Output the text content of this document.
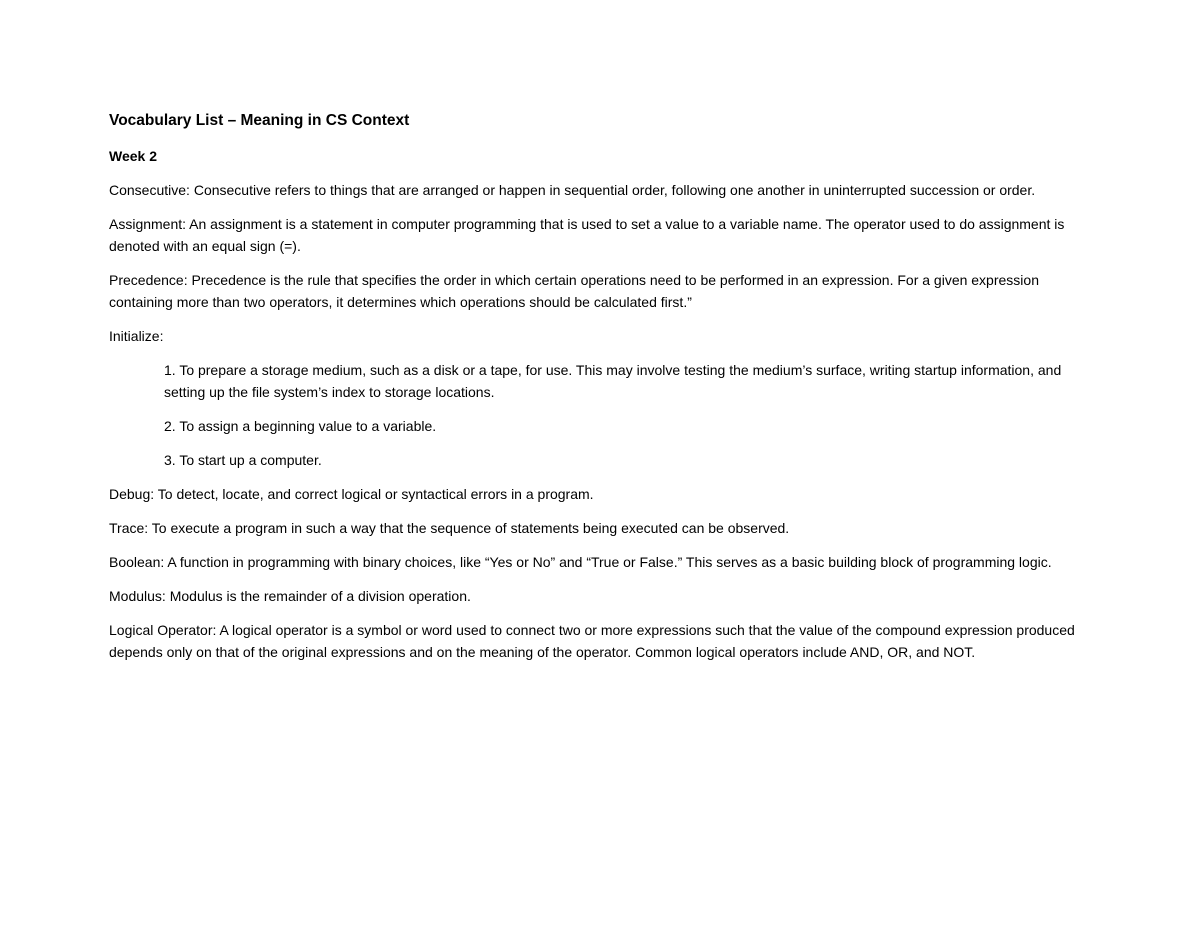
Vocabulary List – Meaning in CS Context
Week 2
Consecutive: Consecutive refers to things that are arranged or happen in sequential order, following one another in uninterrupted succession or order.
Assignment: An assignment is a statement in computer programming that is used to set a value to a variable name. The operator used to do assignment is denoted with an equal sign (=).
Precedence: Precedence is the rule that specifies the order in which certain operations need to be performed in an expression. For a given expression containing more than two operators, it determines which operations should be calculated first.”
Initialize:
1. To prepare a storage medium, such as a disk or a tape, for use. This may involve testing the medium’s surface, writing startup information, and setting up the file system’s index to storage locations.
2. To assign a beginning value to a variable.
3. To start up a computer.
Debug: To detect, locate, and correct logical or syntactical errors in a program.
Trace: To execute a program in such a way that the sequence of statements being executed can be observed.
Boolean: A function in programming with binary choices, like “Yes or No” and “True or False.” This serves as a basic building block of programming logic.
Modulus: Modulus is the remainder of a division operation.
Logical Operator: A logical operator is a symbol or word used to connect two or more expressions such that the value of the compound expression produced depends only on that of the original expressions and on the meaning of the operator. Common logical operators include AND, OR, and NOT.
